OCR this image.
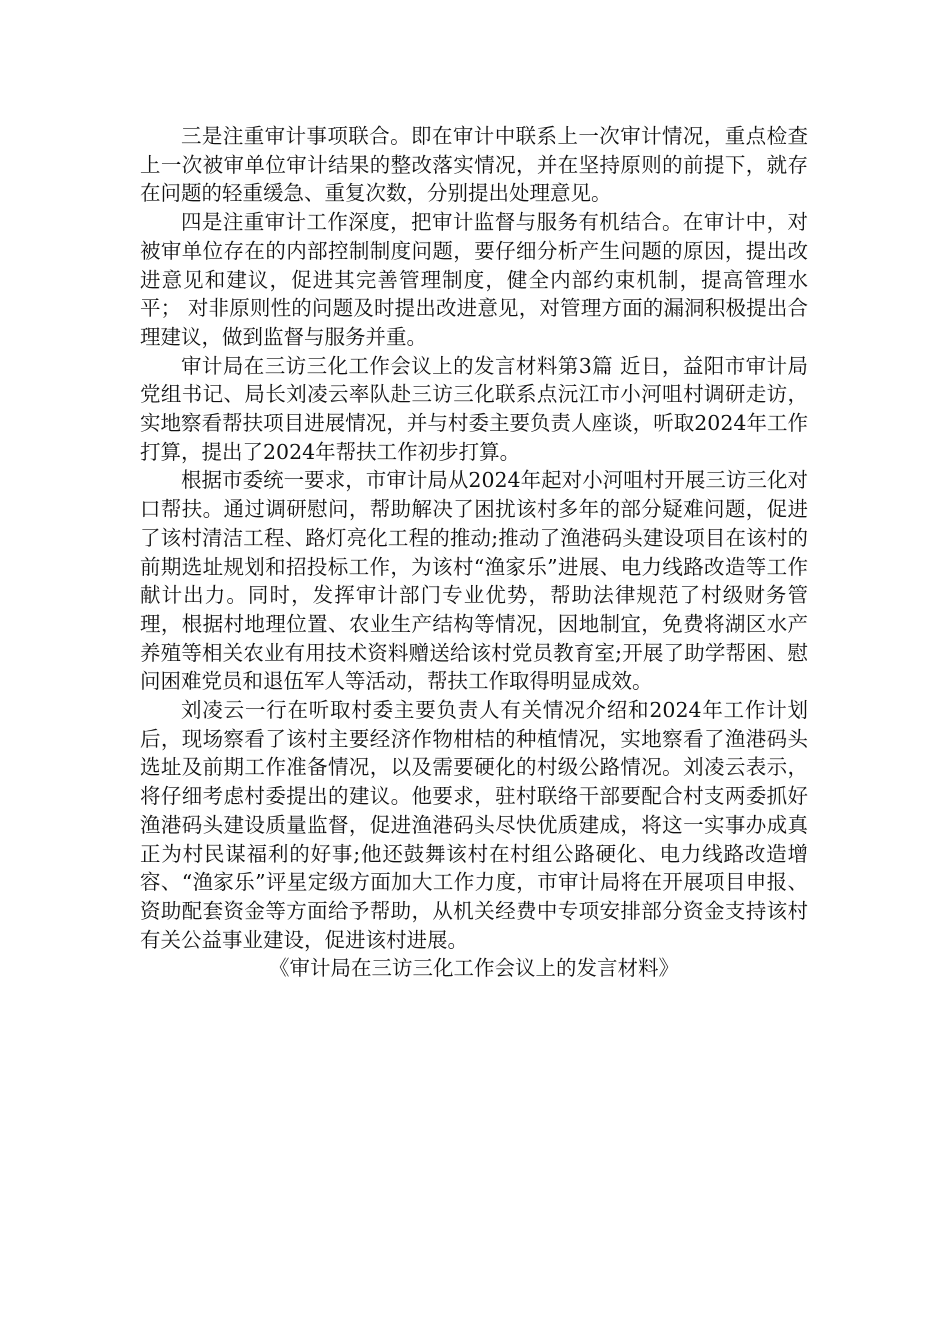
三是注重审计事项联合。即在审计中联系上一次审计情况，重点检查上一次被审单位审计结果的整改落实情况，并在坚持原则的前提下，就存在问题的轻重缓急、重复次数，分别提出处理意见。

四是注重审计工作深度，把审计监督与服务有机结合。在审计中，对被审单位存在的内部控制制度问题，要仔细分析产生问题的原因，提出改进意见和建议，促进其完善管理制度，健全内部约束机制，提高管理水平； 对非原则性的问题及时提出改进意见，对管理方面的漏洞积极提出合理建议，做到监督与服务并重。

审计局在三访三化工作会议上的发言材料第3篇 近日，益阳市审计局党组书记、局长刘凌云率队赴三访三化联系点沅江市小河咀村调研走访，实地察看帮扶项目进展情况，并与村委主要负责人座谈，听取2024年工作打算，提出了2024年帮扶工作初步打算。

根据市委统一要求，市审计局从2024年起对小河咀村开展三访三化对口帮扶。通过调研慰问，帮助解决了困扰该村多年的部分疑难问题，促进了该村清洁工程、路灯亮化工程的推动;推动了渔港码头建设项目在该村的前期选址规划和招投标工作，为该村“渔家乐”进展、电力线路改造等工作献计出力。同时，发挥审计部门专业优势，帮助法律规范了村级财务管理，根据村地理位置、农业生产结构等情况，因地制宜，免费将湖区水产养殖等相关农业有用技术资料赠送给该村党员教育室;开展了助学帮困、慰问困难党员和退伍军人等活动，帮扶工作取得明显成效。

刘凌云一行在听取村委主要负责人有关情况介绍和2024年工作计划后，现场察看了该村主要经济作物柑桔的种植情况，实地察看了渔港码头选址及前期工作准备情况，以及需要硬化的村级公路情况。刘凌云表示，将仔细考虑村委提出的建议。他要求，驻村联络干部要配合村支两委抓好渔港码头建设质量监督，促进渔港码头尽快优质建成，将这一实事办成真正为村民谋福利的好事;他还鼓舞该村在村组公路硬化、电力线路改造增容、“渔家乐”评星定级方面加大工作力度，市审计局将在开展项目申报、资助配套资金等方面给予帮助，从机关经费中专项安排部分资金支持该村有关公益事业建设，促进该村进展。

《审计局在三访三化工作会议上的发言材料》
